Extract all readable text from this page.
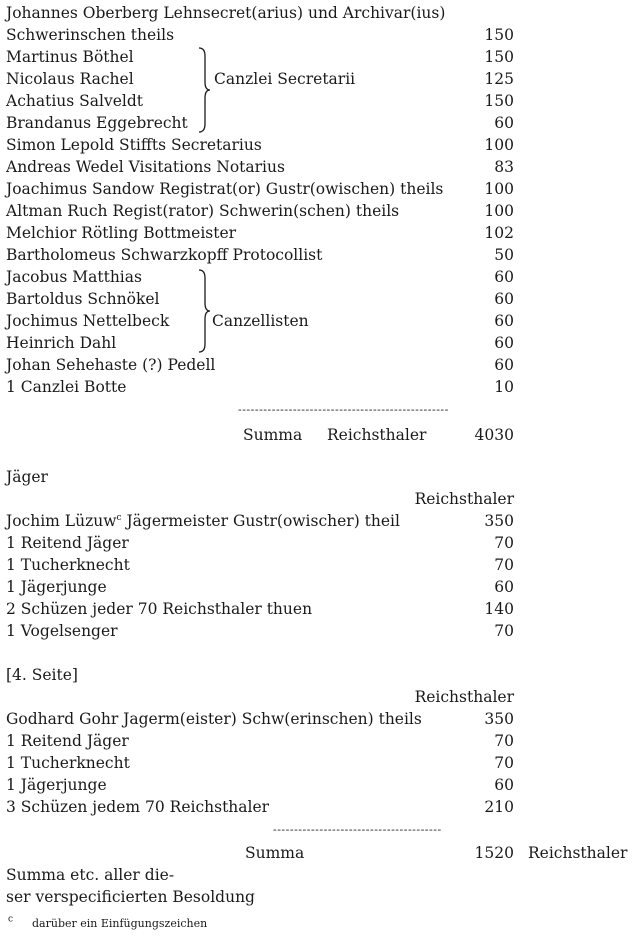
Johannes Oberberg Lehnsecret(arius) und Archivar(ius)
Schwerinschen theils	150
Martinus Böthel	150
Nicolaus Rachel	125
Achatius Salveldt	150
Brandanus Eggebrecht	60
Canzlei Secretarii
Simon Lepold Stiffts Secretarius	100
Andreas Wedel Visitations Notarius	83
Joachimus Sandow Registrat(or) Gustr(owischen) theils	100
Altman Ruch Regist(rator) Schwerin(schen) theils	100
Melchior Rötling Bottmeister	102
Bartholomeus Schwarzkopff Protocollist	50
Jacobus Matthias	60
Bartoldus Schnökel	60
Jochimus Nettelbeck	60
Heinrich Dahl	60
Canzellisten
Johan Sehehaste (?) Pedell	60
1 Canzlei Botte	10
--------------------------------------------------
Summa Reichsthaler	4030
Jäger
Reichsthaler
Jochim Lüzuw$^c$ Jägermeister Gustr(owischer) theil	350
1 Reitend Jäger	70
1 Tucherknecht	70
1 Jägerjunge	60
2 Schüzen jeder 70 Reichsthaler thuen	140
1 Vogelsenger	70
[4. Seite]
Reichsthaler
Godhard Gohr Jagerm(eister) Schw(erinschen) theils	350
1 Reitend Jäger	70
1 Tucherknecht	70
1 Jägerjunge	60
3 Schüzen jedem 70 Reichsthaler	210
----------------------------------------
Summa	1520 Reichsthaler
Summa etc. aller die-
ser verspecificierten Besoldung
$^c$	darüber ein Einfügungszeichen
